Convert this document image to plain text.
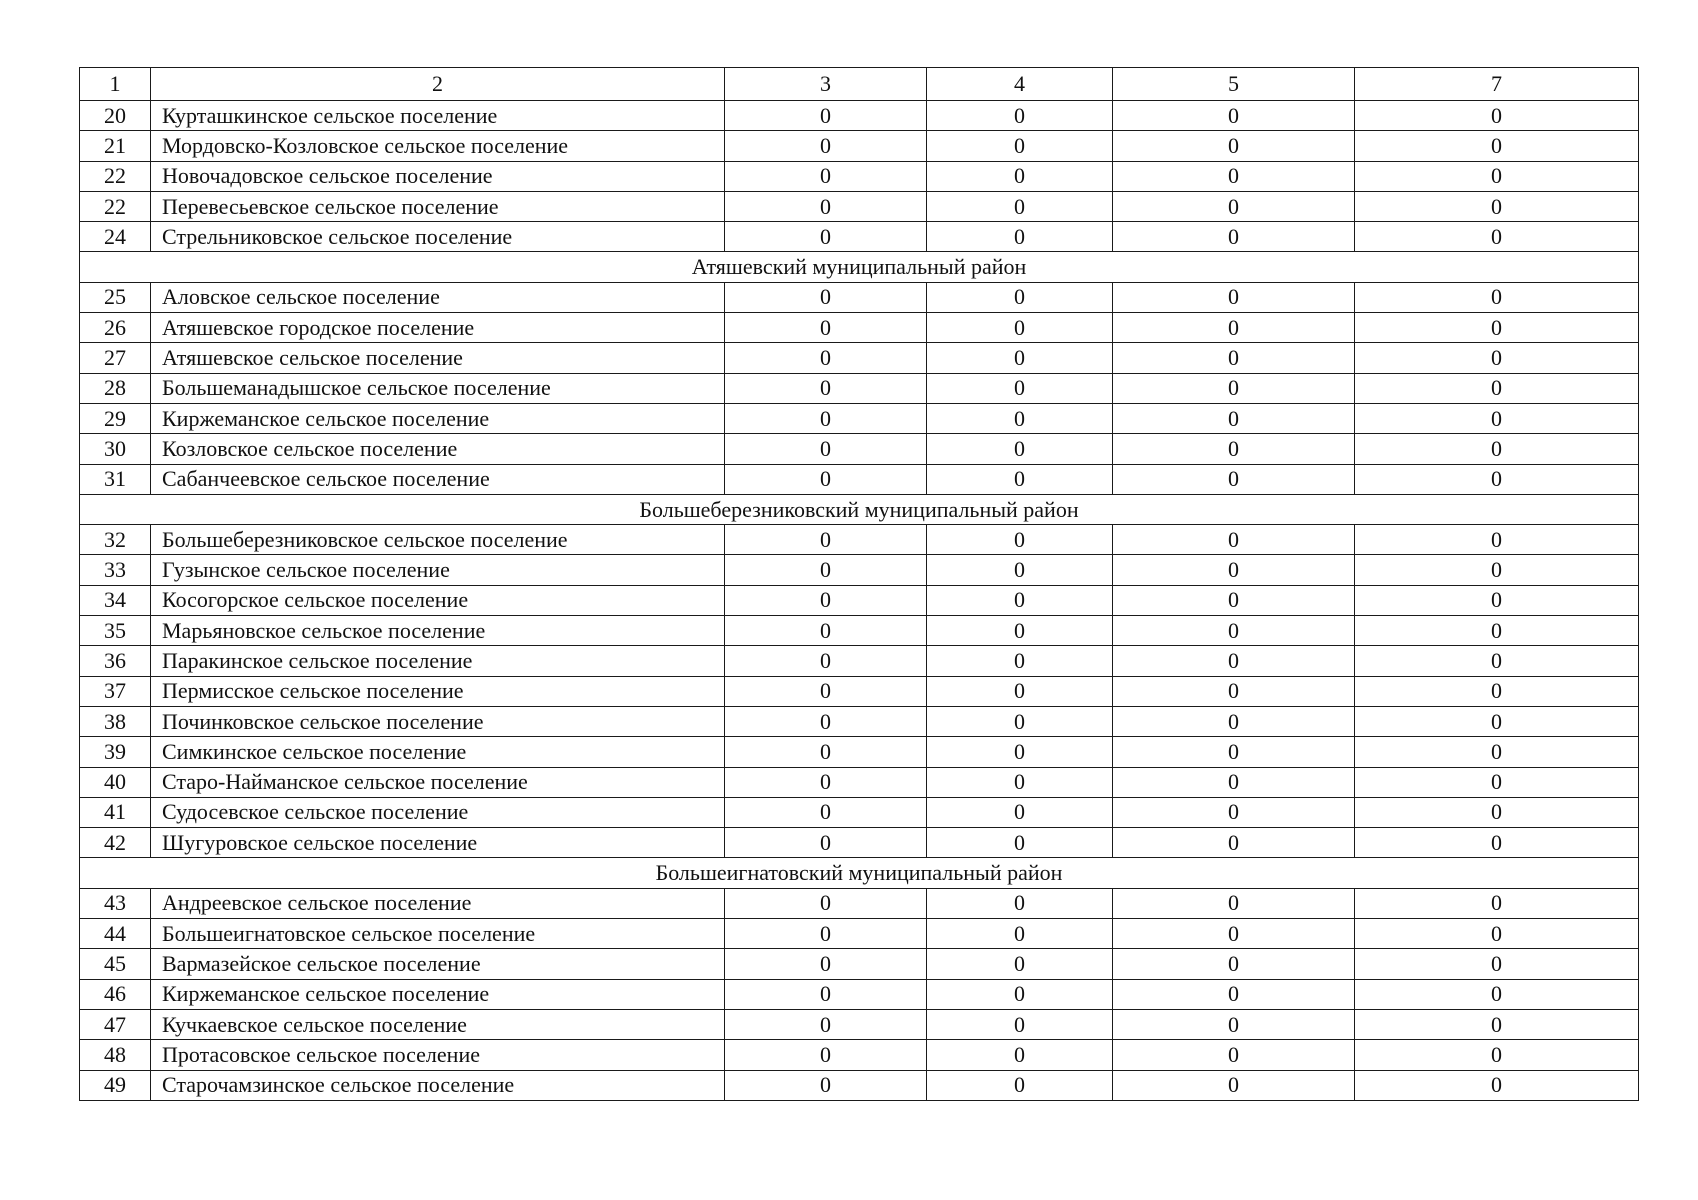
1	2	3	4	5	7
20	Курташкинское сельское поселение	0	0	0	0
21	Мордовско-Козловское сельское поселение	0	0	0	0
22	Новочадовское сельское поселение	0	0	0	0
22	Перевесьевское сельское поселение	0	0	0	0
24	Стрельниковское сельское поселение	0	0	0	0
Атяшевский муниципальный район					
25	Аловское сельское поселение	0	0	0	0
26	Атяшевское городское поселение	0	0	0	0
27	Атяшевское сельское поселение	0	0	0	0
28	Большеманадышское сельское поселение	0	0	0	0
29	Киржеманское сельское поселение	0	0	0	0
30	Козловское сельское поселение	0	0	0	0
31	Сабанчеевское сельское поселение	0	0	0	0
Большеберезниковский муниципальный район					
32	Большеберезниковское сельское поселение	0	0	0	0
33	Гузынское сельское поселение	0	0	0	0
34	Косогорское сельское поселение	0	0	0	0
35	Марьяновское сельское поселение	0	0	0	0
36	Паракинское сельское поселение	0	0	0	0
37	Пермисское сельское поселение	0	0	0	0
38	Починковское сельское поселение	0	0	0	0
39	Симкинское сельское поселение	0	0	0	0
40	Старо-Найманское сельское поселение	0	0	0	0
41	Судосевское сельское поселение	0	0	0	0
42	Шугуровское сельское поселение	0	0	0	0
Большеигнатовский муниципальный район					
43	Андреевское сельское поселение	0	0	0	0
44	Большеигнатовское сельское поселение	0	0	0	0
45	Вармазейское сельское поселение	0	0	0	0
46	Киржеманское сельское поселение	0	0	0	0
47	Кучкаевское сельское поселение	0	0	0	0
48	Протасовское сельское поселение	0	0	0	0
49	Старочамзинское сельское поселение	0	0	0	0
